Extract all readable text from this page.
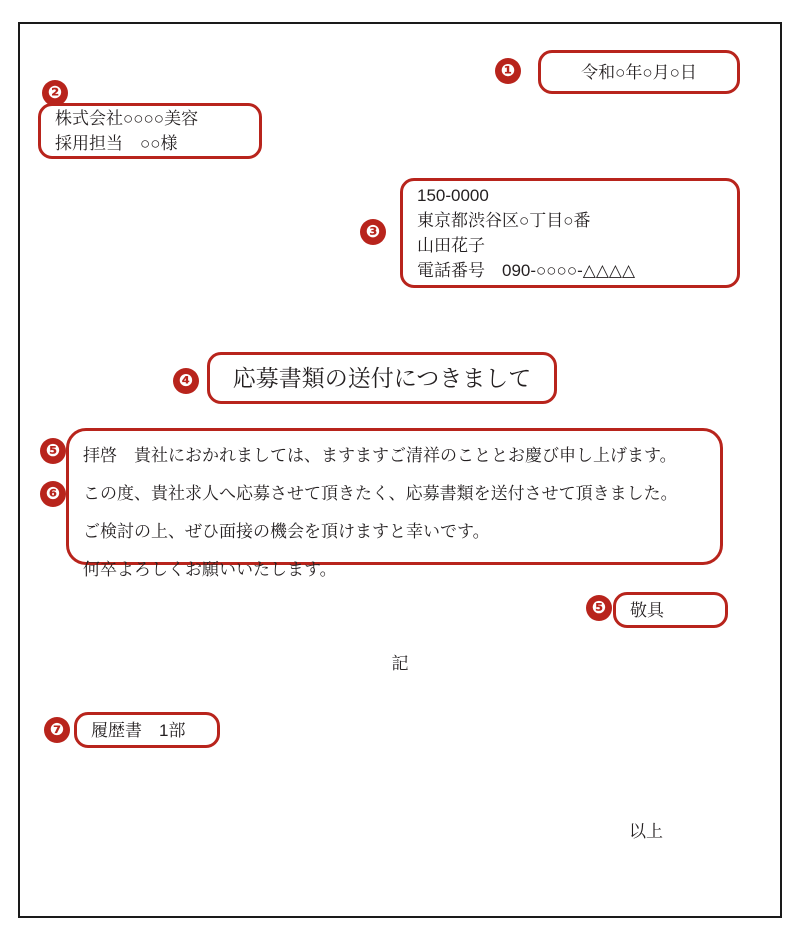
❶	令和○年○月○日
❷
株式会社○○○○美容
採用担当　○○様
❸
150-0000
東京都渋谷区○丁目○番
山田花子
電話番号　090-○○○○-△△△△
❹	応募書類の送付につきまして
❺
❻
拝啓　貴社におかれましては、ますますご清祥のこととお慶び申し上げます。
この度、貴社求人へ応募させて頂きたく、応募書類を送付させて頂きました。
ご検討の上、ぜひ面接の機会を頂けますと幸いです。
何卒よろしくお願いいたします。
❺	敬具
記
❼	履歴書　1部
以上
